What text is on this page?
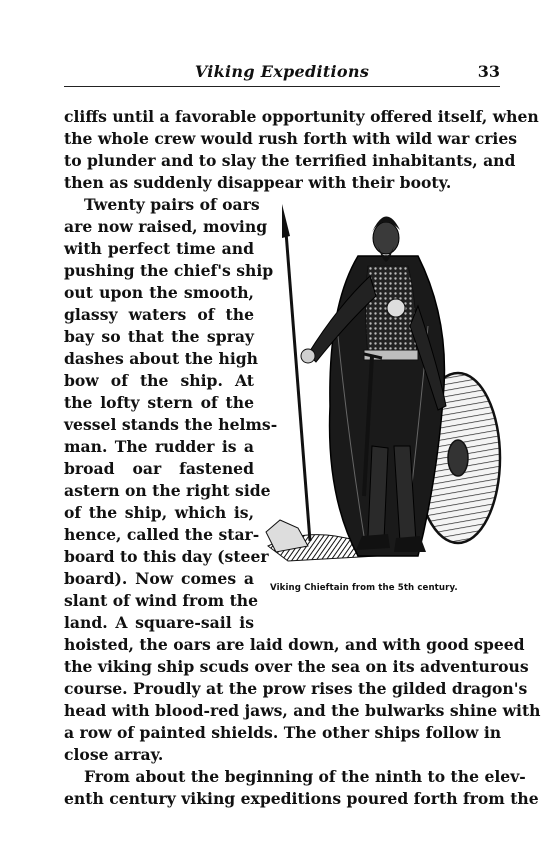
Viking Expeditions	33
cliffs until a favorable opportunity offered itself, when
the whole crew would rush forth with wild war cries
to plunder and to slay the terrified inhabitants, and
then as suddenly disappear with their booty.
Twenty pairs of oars
are now raised, moving
with perfect time and
pushing the chief's ship
out upon the smooth,
glassy waters of the
bay so that the spray
dashes about the high
bow of the ship. At
the lofty stern of the
vessel stands the helms-
man. The rudder is a
broad oar fastened
astern on the right side
of the ship, which is,
hence, called the star-
board to this day (steer
board). Now comes a
slant of wind from the
land. A square-sail is
hoisted, the oars are laid down, and with good speed
the viking ship scuds over the sea on its adventurous
course. Proudly at the prow rises the gilded dragon's
head with blood-red jaws, and the bulwarks shine with
a row of painted shields. The other ships follow in
close array.
From about the beginning of the ninth to the elev-
enth century viking expeditions poured forth from the
Viking Chieftain from the 5th century.
